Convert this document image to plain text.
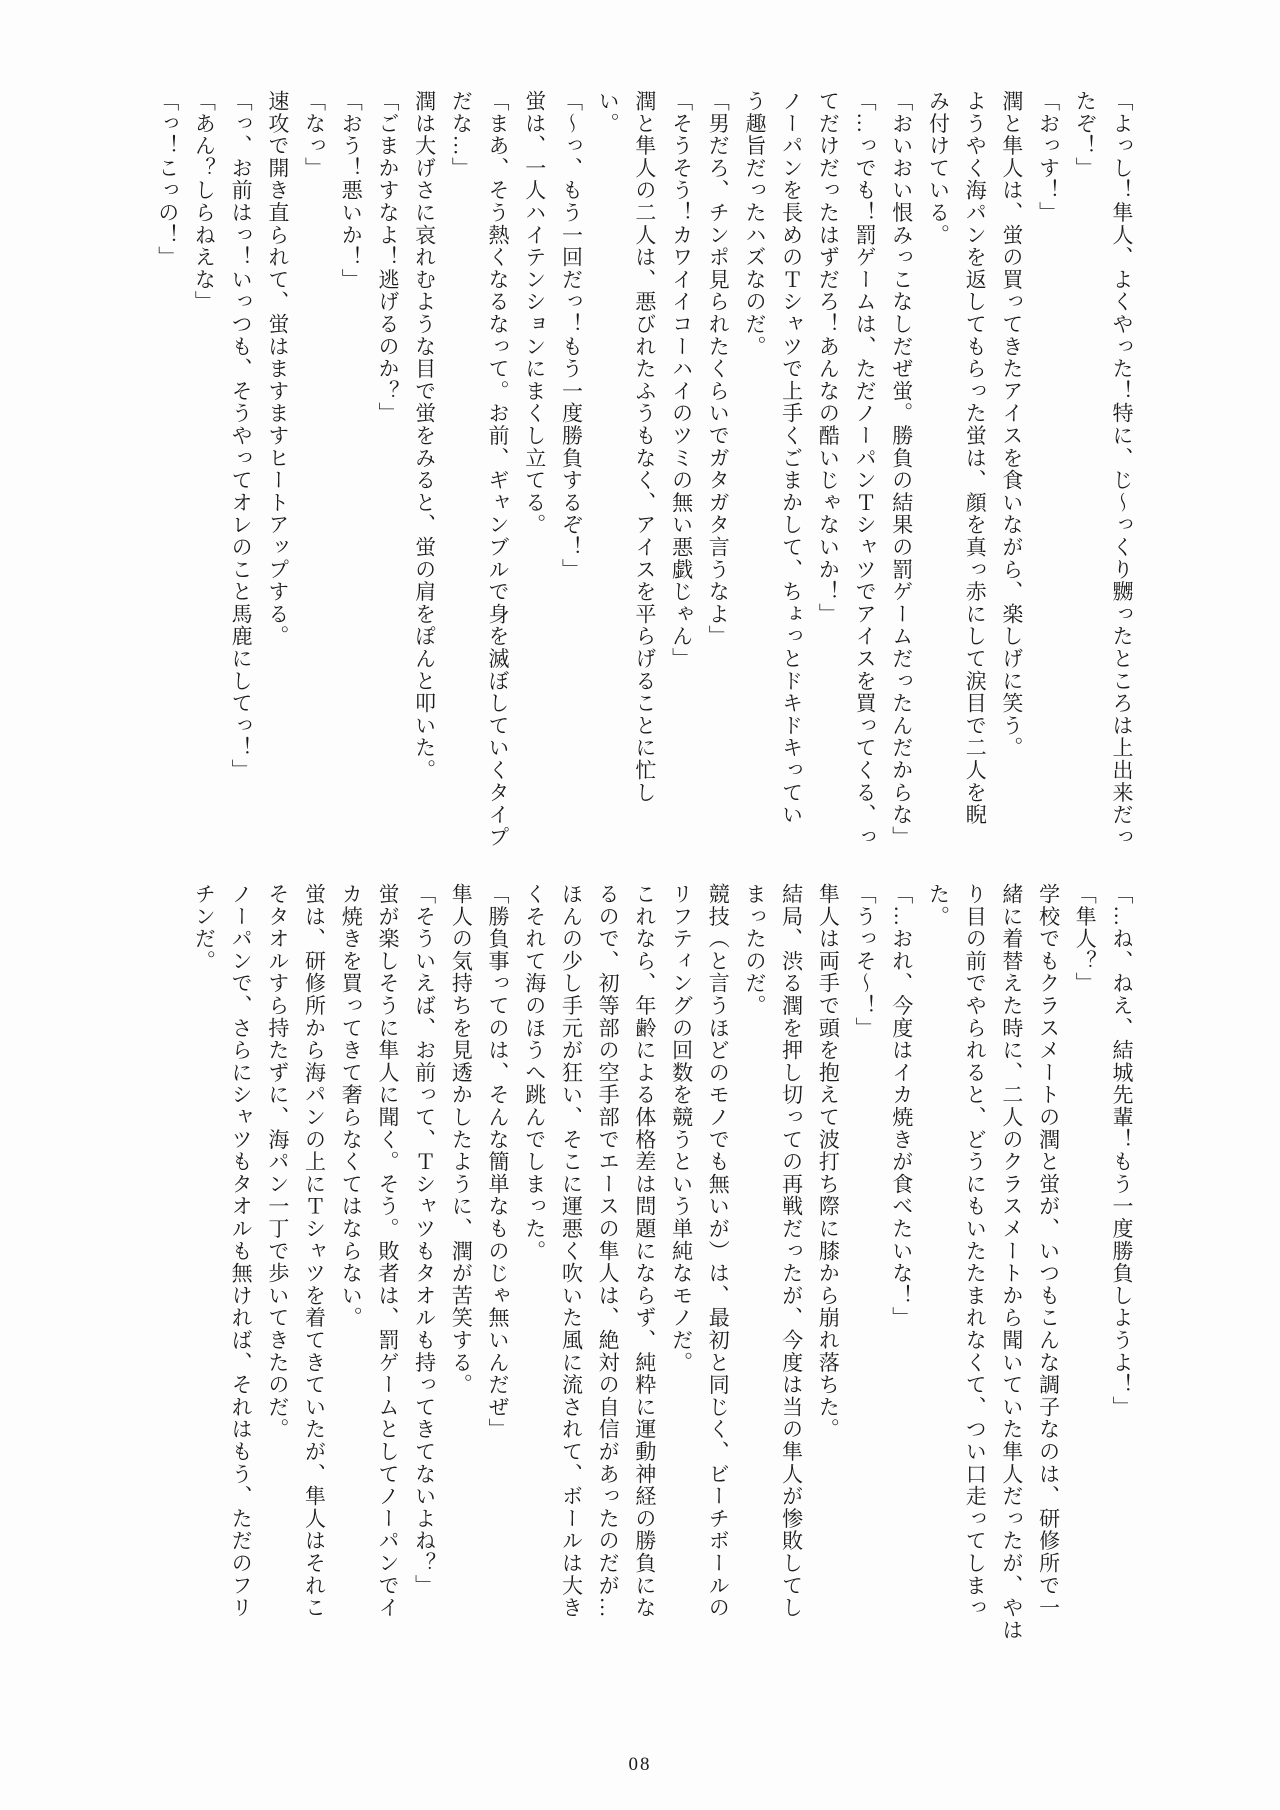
「よっし！隼人、よくやった！特に、じ～っくり嬲ったところは上出来だっ
たぞ！」
「おっす！」
潤と隼人は、蛍の買ってきたアイスを食いながら、楽しげに笑う。
ようやく海パンを返してもらった蛍は、顔を真っ赤にして涙目で二人を睨
み付けている。
「おいおい恨みっこなしだぜ蛍。勝負の結果の罰ゲームだったんだからな」
「…っでも！罰ゲームは、ただノーパンＴシャツでアイスを買ってくる、っ
てだけだったはずだろ！あんなの酷いじゃないか！」
ノーパンを長めのＴシャツで上手くごまかして、ちょっとドキドキってい
う趣旨だったハズなのだ。
「男だろ、チンポ見られたくらいでガタガタ言うなよ」
「そうそう！カワイイコーハイのツミの無い悪戯じゃん」
潤と隼人の二人は、悪びれたふうもなく、アイスを平らげることに忙し
い。
「～っ、もう一回だっ！もう一度勝負するぞ！」
蛍は、一人ハイテンションにまくし立てる。
「まあ、そう熱くなるなって。お前、ギャンブルで身を滅ぼしていくタイプ
だな…」
潤は大げさに哀れむような目で蛍をみると、蛍の肩をぽんと叩いた。
「ごまかすなよ！逃げるのか？」
「おう！悪いか！」
「なっ」
速攻で開き直られて、蛍はますますヒートアップする。
「っ、お前はっ！いっつも、そうやってオレのこと馬鹿にしてっ！」
「あん？しらねえな」
「っ！こっの！」
「…ね、ねえ、結城先輩！もう一度勝負しようよ！」
「隼人？」
学校でもクラスメートの潤と蛍が、いつもこんな調子なのは、研修所で一
緒に着替えた時に、二人のクラスメートから聞いていた隼人だったが、やは
り目の前でやられると、どうにもいたたまれなくて、つい口走ってしまっ
た。
「…おれ、今度はイカ焼きが食べたいな！」
「うっそ～！」
隼人は両手で頭を抱えて波打ち際に膝から崩れ落ちた。
結局、渋る潤を押し切っての再戦だったが、今度は当の隼人が惨敗してし
まったのだ。
競技（と言うほどのモノでも無いが）は、最初と同じく、ビーチボールの
リフティングの回数を競うという単純なモノだ。
これなら、年齢による体格差は問題にならず、純粋に運動神経の勝負にな
るので、初等部の空手部でエースの隼人は、絶対の自信があったのだが…
ほんの少し手元が狂い、そこに運悪く吹いた風に流されて、ボールは大き
くそれて海のほうへ跳んでしまった。
「勝負事ってのは、そんな簡単なものじゃ無いんだぜ」
隼人の気持ちを見透かしたように、潤が苦笑する。
「そういえば、お前って、Ｔシャツもタオルも持ってきてないよね？」
蛍が楽しそうに隼人に聞く。そう。敗者は、罰ゲームとしてノーパンでイ
カ焼きを買ってきて奢らなくてはならない。
蛍は、研修所から海パンの上にＴシャツを着てきていたが、隼人はそれこ
そタオルすら持たずに、海パン一丁で歩いてきたのだ。
ノーパンで、さらにシャツもタオルも無ければ、それはもう、ただのフリ
チンだ。
08
